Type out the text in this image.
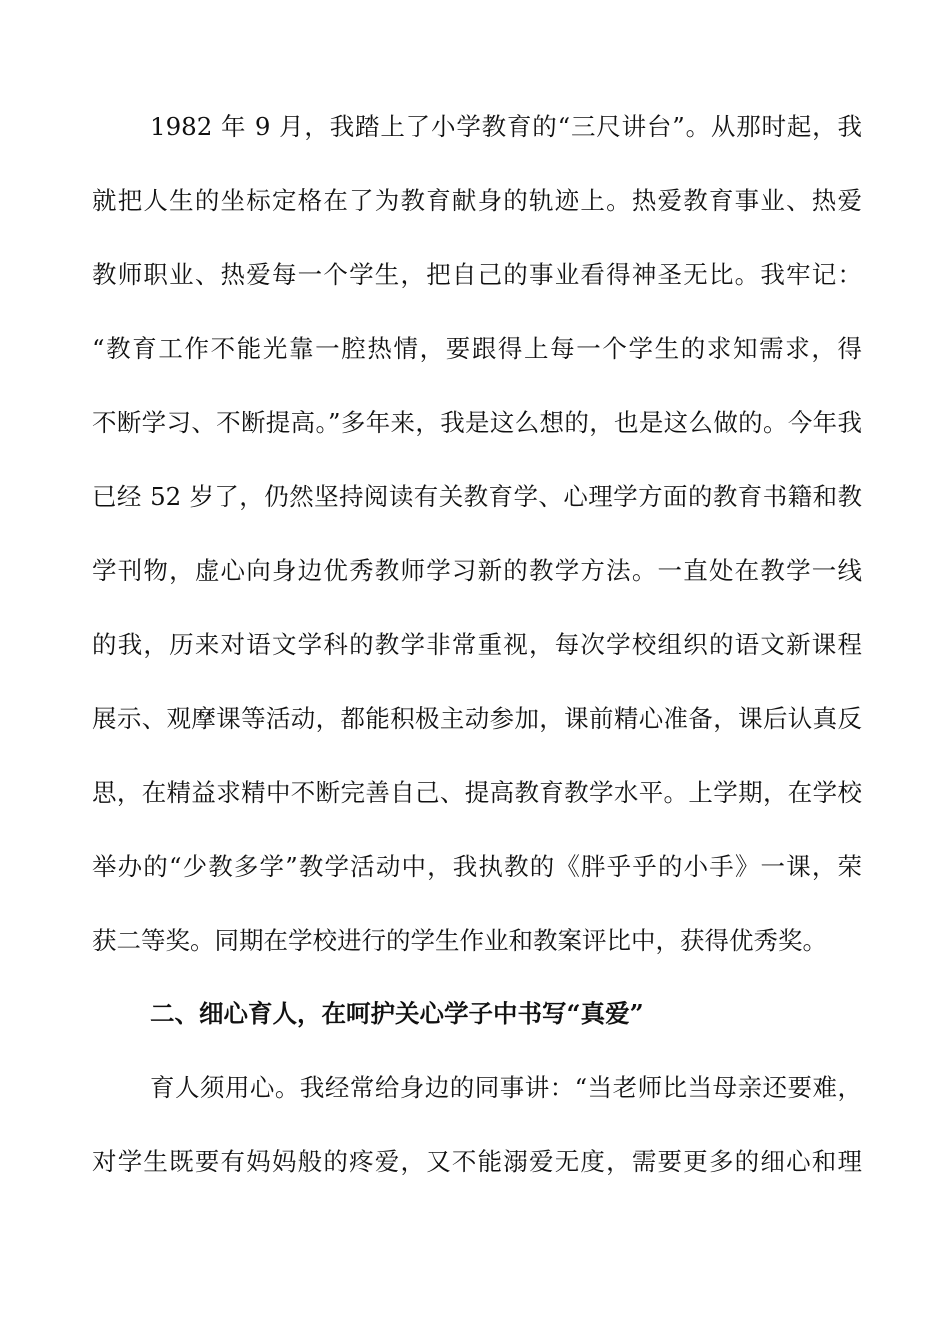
1982 年 9 月，我踏上了小学教育的“三尺讲台”。从那时起，我
就把人生的坐标定格在了为教育献身的轨迹上。热爱教育事业、热爱
教师职业、热爱每一个学生，把自己的事业看得神圣无比。我牢记：
“教育工作不能光靠一腔热情，要跟得上每一个学生的求知需求，得
不断学习、不断提高。”多年来，我是这么想的，也是这么做的。今年我
已经 52 岁了，仍然坚持阅读有关教育学、心理学方面的教育书籍和教
学刊物，虚心向身边优秀教师学习新的教学方法。一直处在教学一线
的我，历来对语文学科的教学非常重视，每次学校组织的语文新课程
展示、观摩课等活动，都能积极主动参加，课前精心准备，课后认真反
思，在精益求精中不断完善自己、提高教育教学水平。上学期，在学校
举办的“少教多学”教学活动中，我执教的《胖乎乎的小手》一课，荣
获二等奖。同期在学校进行的学生作业和教案评比中，获得优秀奖。
二、细心育人，在呵护关心学子中书写“真爱”
育人须用心。我经常给身边的同事讲：“当老师比当母亲还要难，
对学生既要有妈妈般的疼爱，又不能溺爱无度，需要更多的细心和理
